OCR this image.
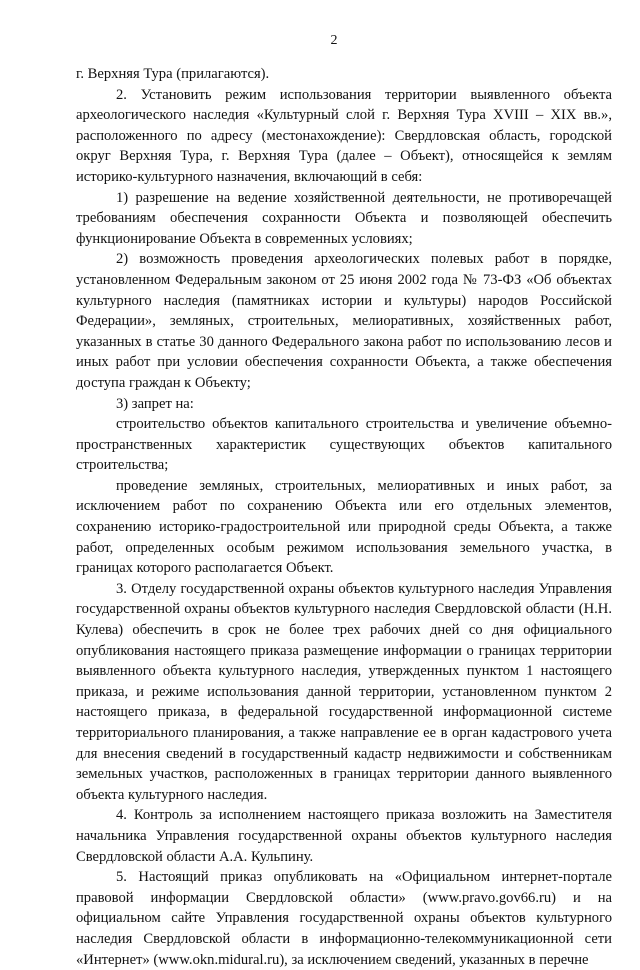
2

г. Верхняя Тура (прилагаются).

2. Установить режим использования территории выявленного объекта археологического наследия «Культурный слой г. Верхняя Тура XVIII – XIX вв.», расположенного по адресу (местонахождение): Свердловская область, городской округ Верхняя Тура, г. Верхняя Тура (далее – Объект), относящейся к землям историко-культурного назначения, включающий в себя:

1) разрешение на ведение хозяйственной деятельности, не противоречащей требованиям обеспечения сохранности Объекта и позволяющей обеспечить функционирование Объекта в современных условиях;

2) возможность проведения археологических полевых работ в порядке, установленном Федеральным законом от 25 июня 2002 года № 73-ФЗ «Об объектах культурного наследия (памятниках истории и культуры) народов Российской Федерации», земляных, строительных, мелиоративных, хозяйственных работ, указанных в статье 30 данного Федерального закона работ по использованию лесов и иных работ при условии обеспечения сохранности Объекта, а также обеспечения доступа граждан к Объекту;

3) запрет на:

строительство объектов капитального строительства и увеличение объемно-пространственных характеристик существующих объектов капитального строительства;

проведение земляных, строительных, мелиоративных и иных работ, за исключением работ по сохранению Объекта или его отдельных элементов, сохранению историко-градостроительной или природной среды Объекта, а также работ, определенных особым режимом использования земельного участка, в границах которого располагается Объект.

3. Отделу государственной охраны объектов культурного наследия Управления государственной охраны объектов культурного наследия Свердловской области (Н.Н. Кулева) обеспечить в срок не более трех рабочих дней со дня официального опубликования настоящего приказа размещение информации о границах территории выявленного объекта культурного наследия, утвержденных пунктом 1 настоящего приказа, и режиме использования данной территории, установленном пунктом 2 настоящего приказа, в федеральной государственной информационной системе территориального планирования, а также направление ее в орган кадастрового учета для внесения сведений в государственный кадастр недвижимости и собственникам земельных участков, расположенных в границах территории данного выявленного объекта культурного наследия.

4. Контроль за исполнением настоящего приказа возложить на Заместителя начальника Управления государственной охраны объектов культурного наследия Свердловской области А.А. Кульпину.

5. Настоящий приказ опубликовать на «Официальном интернет-портале правовой информации Свердловской области» (www.pravo.gov66.ru) и на официальном сайте Управления государственной охраны объектов культурного наследия Свердловской области в информационно-телекоммуникационной сети «Интернет» (www.okn.midural.ru), за исключением сведений, указанных в перечне
